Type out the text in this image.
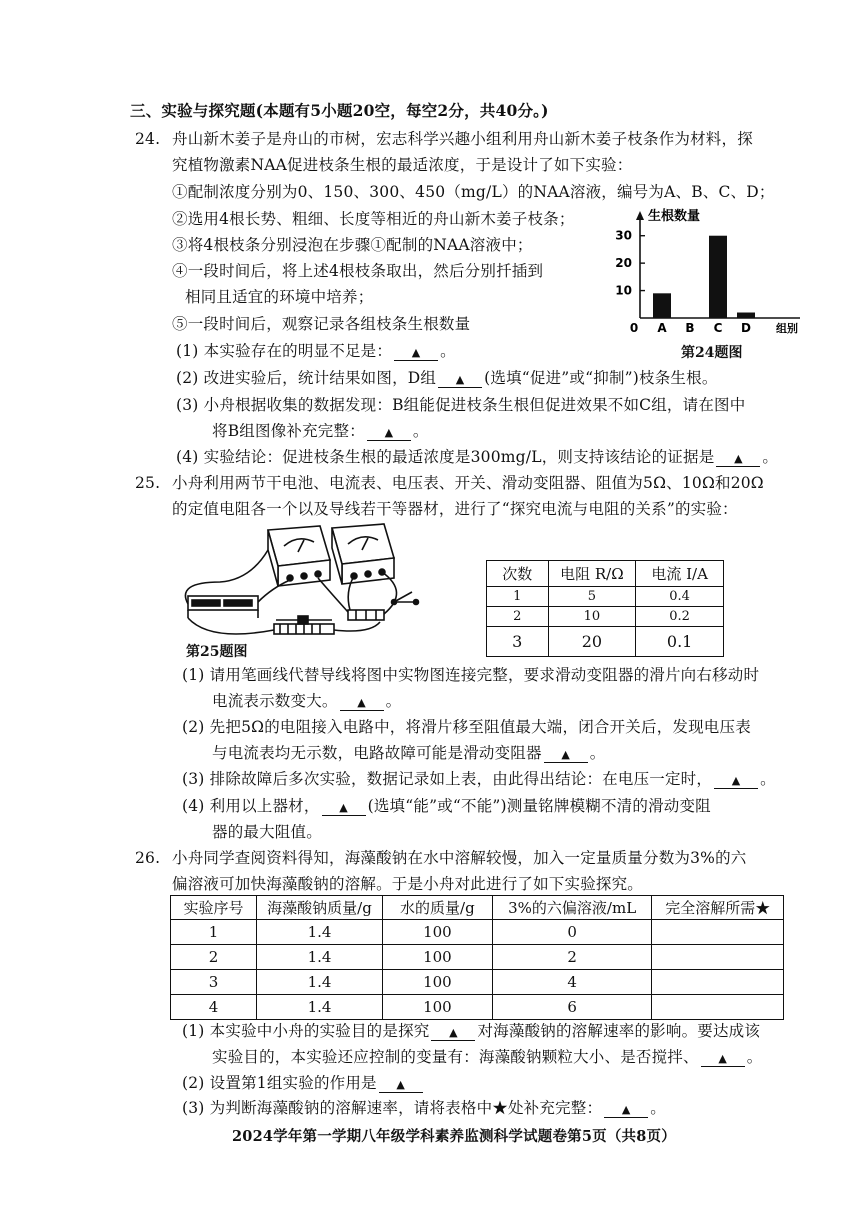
三、实验与探究题(本题有5小题20空，每空2分，共40分。)
24. 舟山新木姜子是舟山的市树，宏志科学兴趣小组利用舟山新木姜子枝条作为材料，探
究植物激素NAA促进枝条生根的最适浓度，于是设计了如下实验：
①配制浓度分别为0、150、300、450（mg/L）的NAA溶液，编号为A、B、C、D；
②选用4根长势、粗细、长度等相近的舟山新木姜子枝条；
③将4根枝条分别浸泡在步骤①配制的NAA溶液中；
④一段时间后，将上述4根枝条取出，然后分别扦插到
相同且适宜的环境中培养；
⑤一段时间后，观察记录各组枝条生根数量
生根数量
组别
0
10
20
30
A B C D
第24题图
(1) 本实验存在的明显不足是： ▲ 。
(2) 改进实验后，统计结果如图，D组 ▲ (选填“促进”或“抑制”)枝条生根。
(3) 小舟根据收集的数据发现：B组能促进枝条生根但促进效果不如C组，请在图中
将B组图像补充完整： ▲ 。
(4) 实验结论：促进枝条生根的最适浓度是300mg/L，则支持该结论的证据是 ▲ 。
25. 小舟利用两节干电池、电流表、电压表、开关、滑动变阻器、阻值为5Ω、10Ω和20Ω
的定值电阻各一个以及导线若干等器材，进行了“探究电流与电阻的关系”的实验：
第25题图
次数	电阻 R/Ω	电流 I/A
1	5	0.4
2	10	0.2
3	20	0.1
(1) 请用笔画线代替导线将图中实物图连接完整，要求滑动变阻器的滑片向右移动时
电流表示数变大。 ▲ 。
(2) 先把5Ω的电阻接入电路中，将滑片移至阻值最大端，闭合开关后，发现电压表
与电流表均无示数，电路故障可能是滑动变阻器 ▲ 。
(3) 排除故障后多次实验，数据记录如上表，由此得出结论：在电压一定时， ▲ 。
(4) 利用以上器材， ▲ (选填“能”或“不能”)测量铭牌模糊不清的滑动变阻
器的最大阻值。
26. 小舟同学查阅资料得知，海藻酸钠在水中溶解较慢，加入一定量质量分数为3%的六
偏溶液可加快海藻酸钠的溶解。于是小舟对此进行了如下实验探究。
实验序号	海藻酸钠质量/g	水的质量/g	3%的六偏溶液/mL	完全溶解所需★
1	1.4	100	0	
2	1.4	100	2	
3	1.4	100	4	
4	1.4	100	6	
(1) 本实验中小舟的实验目的是探究 ▲ 对海藻酸钠的溶解速率的影响。要达成该
实验目的，本实验还应控制的变量有：海藻酸钠颗粒大小、是否搅拌、 ▲ 。
(2) 设置第1组实验的作用是 ▲
(3) 为判断海藻酸钠的溶解速率，请将表格中★处补充完整： ▲ 。
2024学年第一学期八年级学科素养监测科学试题卷第5页（共8页）
